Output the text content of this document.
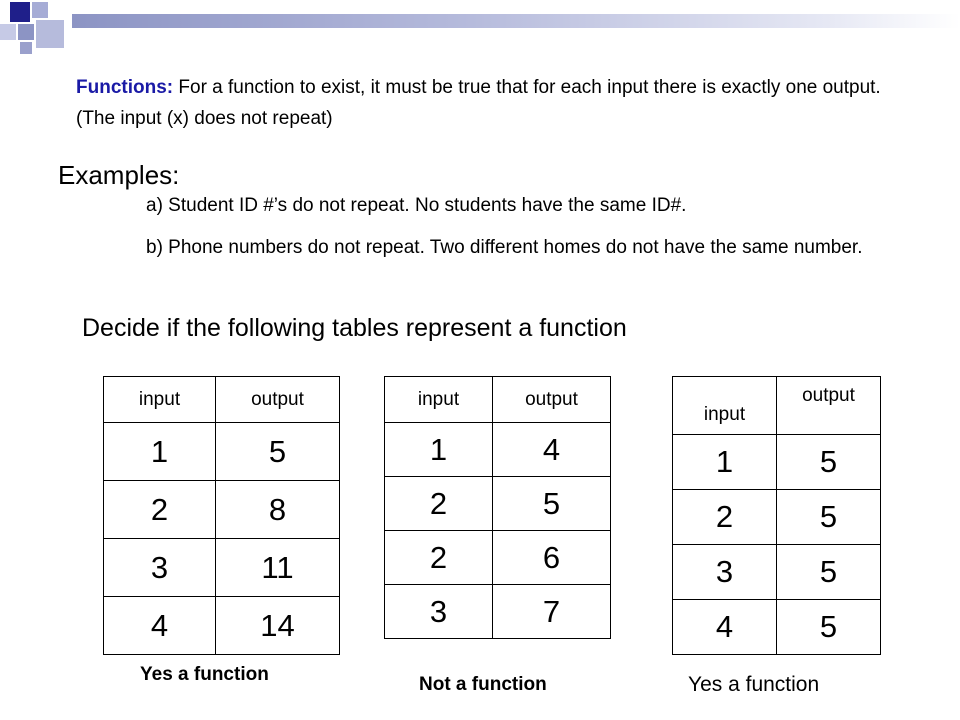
Functions: For a function to exist, it must be true that for each input there is exactly one output. (The input (x) does not repeat)
Examples:
a) Student ID #’s do not repeat. No students have the same ID#.
b) Phone numbers do not repeat. Two different homes do not have the same number.
Decide if the following tables represent a function
input	output
1	5
2	8
3	11
4	14
input	output
1	4
2	5
2	6
3	7
input	output
1	5
2	5
3	5
4	5
Yes a function	Not a function	Yes a function
